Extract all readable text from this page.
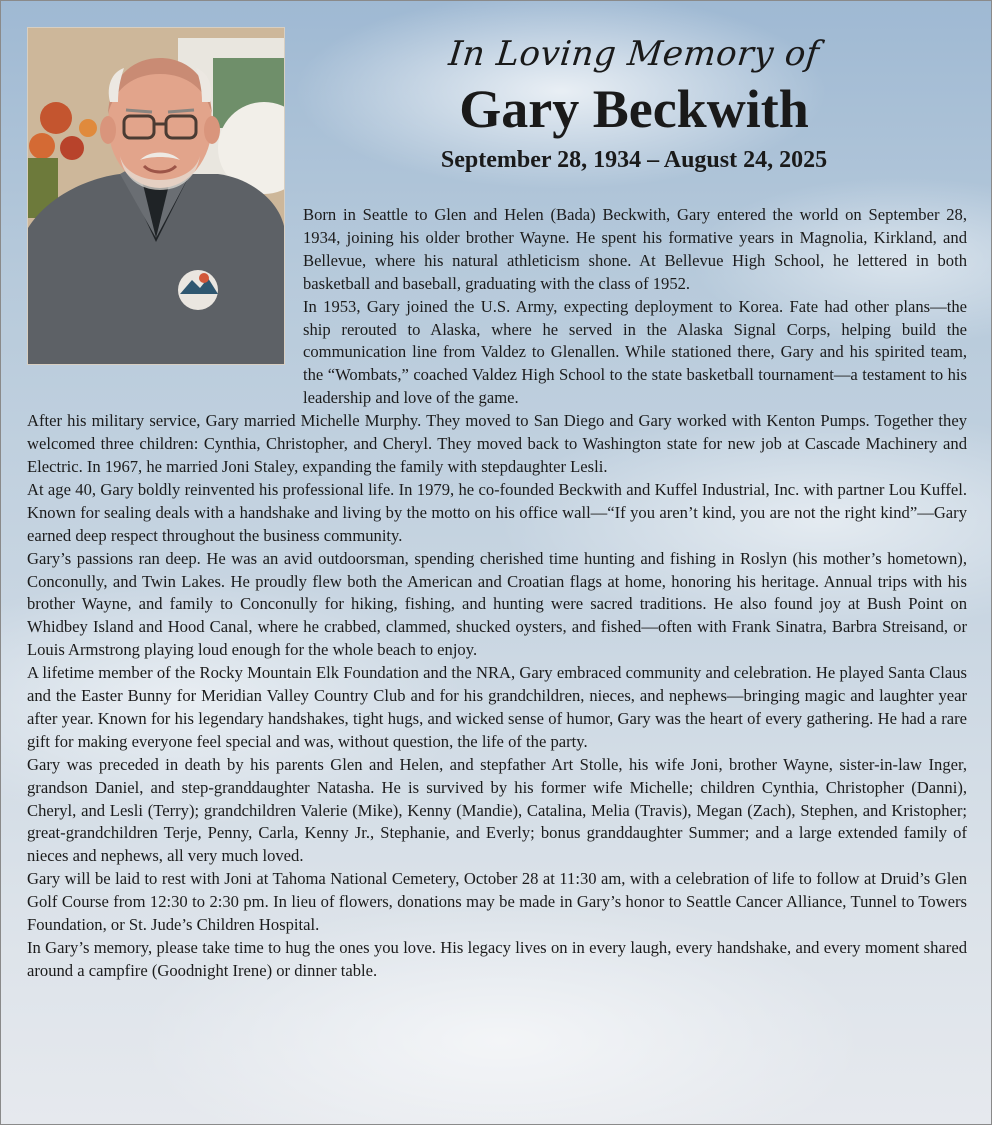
In Loving Memory of
Gary Beckwith
September 28, 1934 – August 24, 2025

Born in Seattle to Glen and Helen (Bada) Beckwith, Gary entered the world on September 28, 1934, joining his older brother Wayne. He spent his formative years in Magnolia, Kirkland, and Bellevue, where his natural athleticism shone. At Bellevue High School, he lettered in both basketball and baseball, graduating with the class of 1952.

In 1953, Gary joined the U.S. Army, expecting deployment to Korea. Fate had other plans—the ship rerouted to Alaska, where he served in the Alaska Signal Corps, helping build the communication line from Valdez to Glenallen. While stationed there, Gary and his spirited team, the “Wombats,” coached Valdez High School to the state basketball tournament—a testament to his leadership and love of the game.

After his military service, Gary married Michelle Murphy. They moved to San Diego and Gary worked with Kenton Pumps. Together they welcomed three children: Cynthia, Christopher, and Cheryl. They moved back to Washington state for new job at Cascade Machinery and Electric. In 1967, he married Joni Staley, expanding the family with stepdaughter Lesli.

At age 40, Gary boldly reinvented his professional life. In 1979, he co-founded Beckwith and Kuffel Industrial, Inc. with partner Lou Kuffel. Known for sealing deals with a handshake and living by the motto on his office wall—“If you aren’t kind, you are not the right kind”—Gary earned deep respect throughout the business community.

Gary’s passions ran deep. He was an avid outdoorsman, spending cherished time hunting and fishing in Roslyn (his mother’s hometown), Conconully, and Twin Lakes. He proudly flew both the American and Croatian flags at home, honoring his heritage. Annual trips with his brother Wayne, and family to Conconully for hiking, fishing, and hunting were sacred traditions. He also found joy at Bush Point on Whidbey Island and Hood Canal, where he crabbed, clammed, shucked oysters, and fished—often with Frank Sinatra, Barbra Streisand, or Louis Armstrong playing loud enough for the whole beach to enjoy.

A lifetime member of the Rocky Mountain Elk Foundation and the NRA, Gary embraced community and celebration. He played Santa Claus and the Easter Bunny for Meridian Valley Country Club and for his grandchildren, nieces, and nephews—bringing magic and laughter year after year. Known for his legendary handshakes, tight hugs, and wicked sense of humor, Gary was the heart of every gathering. He had a rare gift for making everyone feel special and was, without question, the life of the party.

Gary was preceded in death by his parents Glen and Helen, and stepfather Art Stolle, his wife Joni, brother Wayne, sister-in-law Inger, grandson Daniel, and step-granddaughter Natasha. He is survived by his former wife Michelle; children Cynthia, Christopher (Danni), Cheryl, and Lesli (Terry); grandchildren Valerie (Mike), Kenny (Mandie), Catalina, Melia (Travis), Megan (Zach), Stephen, and Kristopher; great-grandchildren Terje, Penny, Carla, Kenny Jr., Stephanie, and Everly; bonus granddaughter Summer; and a large extended family of nieces and nephews, all very much loved.

Gary will be laid to rest with Joni at Tahoma National Cemetery, October 28 at 11:30 am, with a celebration of life to follow at Druid’s Glen Golf Course from 12:30 to 2:30 pm. In lieu of flowers, donations may be made in Gary’s honor to Seattle Cancer Alliance, Tunnel to Towers Foundation, or St. Jude’s Children Hospital.

In Gary’s memory, please take time to hug the ones you love. His legacy lives on in every laugh, every handshake, and every moment shared around a campfire (Goodnight Irene) or dinner table.
